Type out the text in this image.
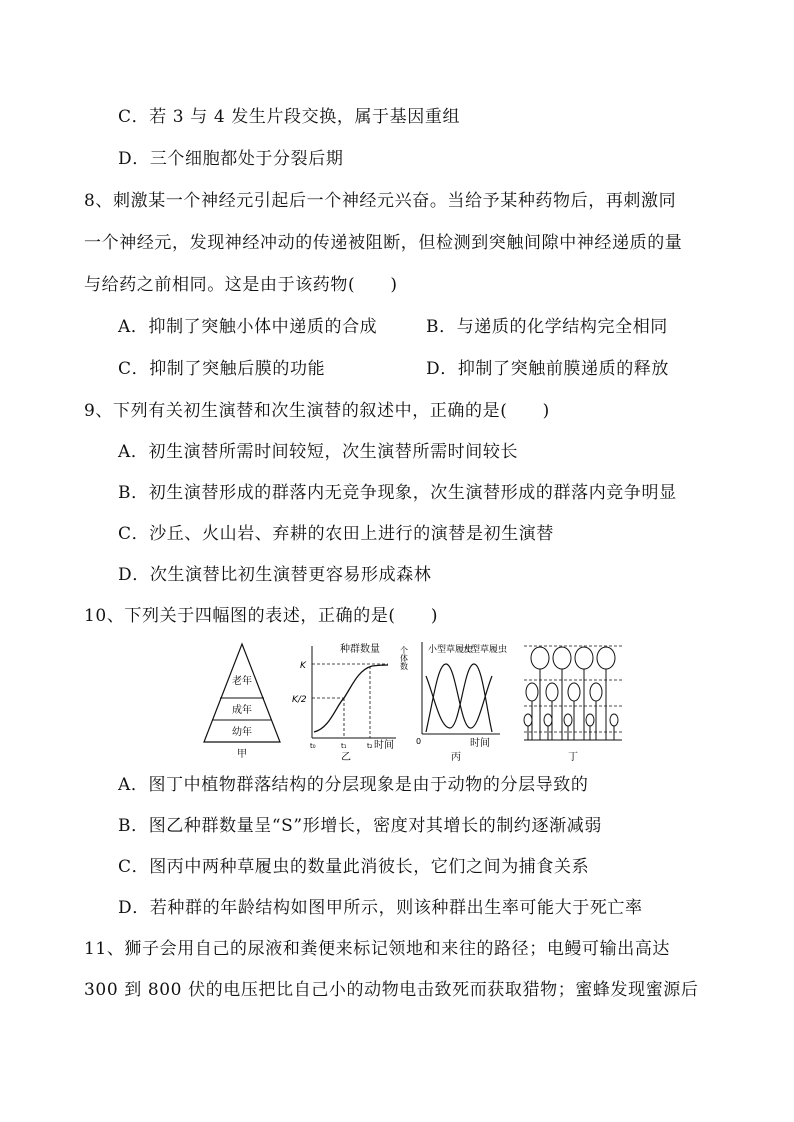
C．若 3 与 4 发生片段交换，属于基因重组
D．三个细胞都处于分裂后期
8、刺激某一个神经元引起后一个神经元兴奋。当给予某种药物后，再刺激同
一个神经元，发现神经冲动的传递被阻断，但检测到突触间隙中神经递质的量
与给药之前相同。这是由于该药物(　　)
A．抑制了突触小体中递质的合成	B．与递质的化学结构完全相同
C．抑制了突触后膜的功能	D．抑制了突触前膜递质的释放
9、下列有关初生演替和次生演替的叙述中，正确的是(　　)
A．初生演替所需时间较短，次生演替所需时间较长
B．初生演替形成的群落内无竞争现象，次生演替形成的群落内竞争明显
C．沙丘、火山岩、弃耕的农田上进行的演替是初生演替
D．次生演替比初生演替更容易形成森林
10、下列关于四幅图的表述，正确的是(　　)
老年
成年
幼年
甲
种群数量
K
K/2
t₀	t₁	t₂ 时间
乙
个体数 小型草履虫
大型草履虫
0	时间
丙	丁
A．图丁中植物群落结构的分层现象是由于动物的分层导致的
B．图乙种群数量呈“S”形增长，密度对其增长的制约逐渐减弱
C．图丙中两种草履虫的数量此消彼长，它们之间为捕食关系
D．若种群的年龄结构如图甲所示，则该种群出生率可能大于死亡率
11、狮子会用自己的尿液和粪便来标记领地和来往的路径；电鳗可输出高达
300 到 800 伏的电压把比自己小的动物电击致死而获取猎物；蜜蜂发现蜜源后
